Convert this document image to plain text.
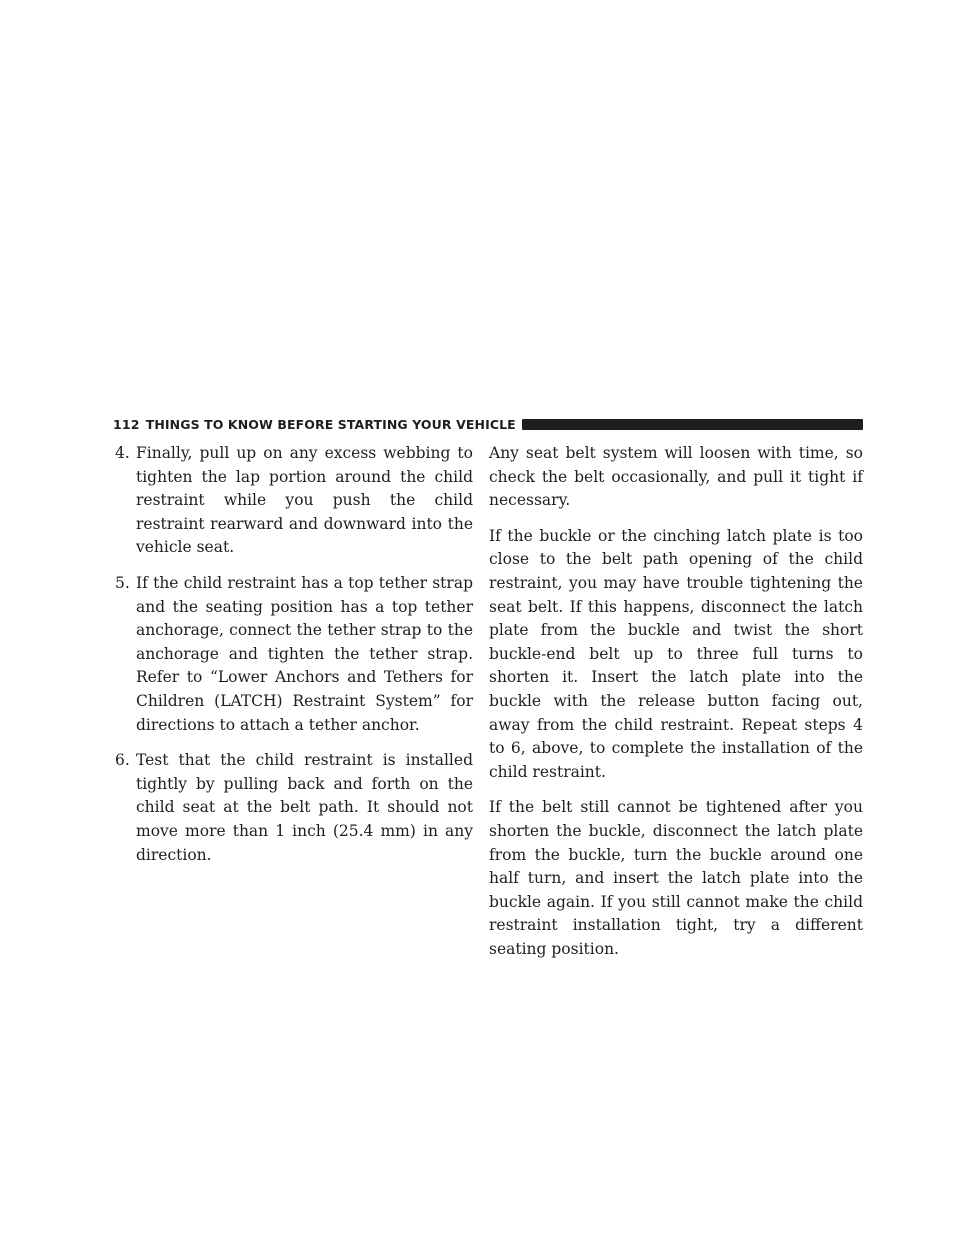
112 THINGS TO KNOW BEFORE STARTING YOUR VEHICLE
4. Finally, pull up on any excess webbing to tighten the lap portion around the child restraint while you push the child restraint rearward and downward into the vehicle seat.
5. If the child restraint has a top tether strap and the seating position has a top tether anchorage, connect the tether strap to the anchorage and tighten the tether strap. Refer to “Lower Anchors and Tethers for Children (LATCH) Restraint System” for directions to attach a tether anchor.
6. Test that the child restraint is installed tightly by pulling back and forth on the child seat at the belt path. It should not move more than 1 inch (25.4 mm) in any direction.

Any seat belt system will loosen with time, so check the belt occasionally, and pull it tight if necessary.

If the buckle or the cinching latch plate is too close to the belt path opening of the child restraint, you may have trouble tightening the seat belt. If this happens, disconnect the latch plate from the buckle and twist the short buckle-end belt up to three full turns to shorten it. Insert the latch plate into the buckle with the release button facing out, away from the child restraint. Repeat steps 4 to 6, above, to complete the installation of the child restraint.

If the belt still cannot be tightened after you shorten the buckle, disconnect the latch plate from the buckle, turn the buckle around one half turn, and insert the latch plate into the buckle again. If you still cannot make the child restraint installation tight, try a different seating position.
